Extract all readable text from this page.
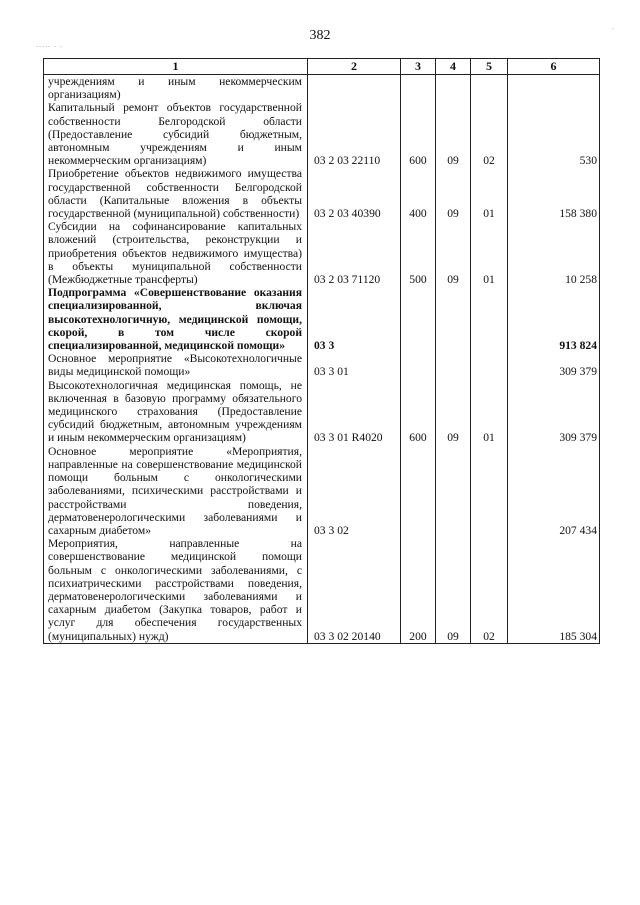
382
..... . .
.
1	2	3	4	5	6
учреждениям и иным некоммерческим организациям)					
Капитальный ремонт объектов государственной собственности Белгородской области (Предоставление субсидий бюджетным, автономным учреждениям и иным некоммерческим организациям)	03 2 03 22110	600	09	02	530
Приобретение объектов недвижимого имущества государственной собственности Белгородской области (Капитальные вложения в объекты государственной (муниципальной) собственности)	03 2 03 40390	400	09	01	158 380
Субсидии на софинансирование капитальных вложений (строительства, реконструкции и приобретения объектов недвижимого имущества) в объекты муниципальной собственности (Межбюджетные трансферты)	03 2 03 71120	500	09	01	10 258
Подпрограмма «Совершенствование оказания специализированной, включая высокотехнологичную, медицинской помощи, скорой, в том числе скорой специализированной, медицинской помощи»	03 3				913 824
Основное мероприятие «Высокотехнологичные виды медицинской помощи»	03 3 01				309 379
Высокотехнологичная медицинская помощь, не включенная в базовую программу обязательного медицинского страхования (Предоставление субсидий бюджетным, автономным учреждениям и иным некоммерческим организациям)	03 3 01 R4020	600	09	01	309 379
Основное мероприятие «Мероприятия, направленные на совершенствование медицинской помощи больным с онкологическими заболеваниями, психическими расстройствами и расстройствами поведения, дерматовенерологическими заболеваниями и сахарным диабетом»	03 3 02				207 434
Мероприятия, направленные на совершенствование медицинской помощи больным с онкологическими заболеваниями, с психиатрическими расстройствами поведения, дерматовенерологическими заболеваниями и сахарным диабетом (Закупка товаров, работ и услуг для обеспечения государственных (муниципальных) нужд)	03 3 02 20140	200	09	02	185 304
